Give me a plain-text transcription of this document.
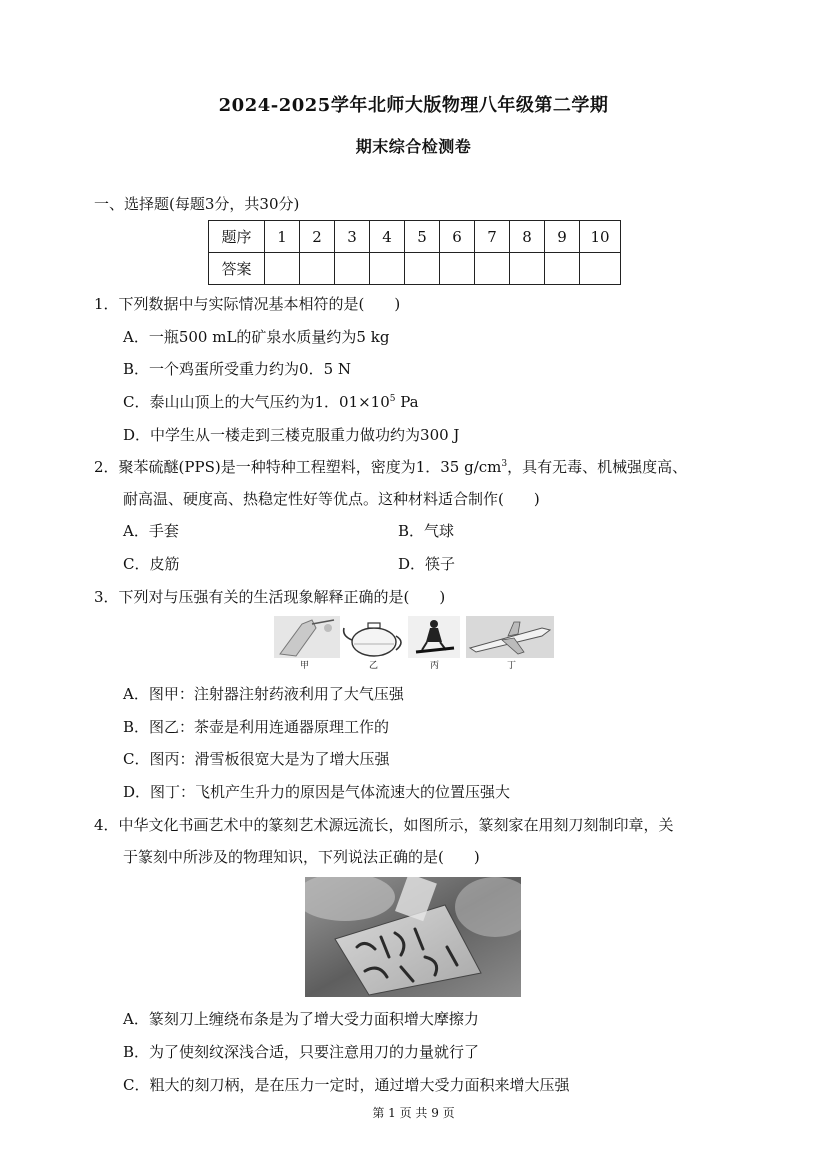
2024-2025学年北师大版物理八年级第二学期
期末综合检测卷
一、选择题(每题3分，共30分)
题序	1	2	3	4	5	6	7	8	9	10
答案										
1．下列数据中与实际情况基本相符的是(　　)
A．一瓶500 mL的矿泉水质量约为5 kg
B．一个鸡蛋所受重力约为0．5 N
C．泰山山顶上的大气压约为1．$01\times 10^5$ Pa
D．中学生从一楼走到三楼克服重力做功约为300 J
2．聚苯硫醚(PPS)是一种特种工程塑料，密度为1．35 $g/cm^3$，具有无毒、机械强度高、
耐高温、硬度高、热稳定性好等优点。这种材料适合制作(　　)
A．手套	B．气球
C．皮筋	D．筷子
3．下列对与压强有关的生活现象解释正确的是(　　)
甲	乙	丙	丁
A．图甲：注射器注射药液利用了大气压强
B．图乙：茶壶是利用连通器原理工作的
C．图丙：滑雪板很宽大是为了增大压强
D．图丁：飞机产生升力的原因是气体流速大的位置压强大
4．中华文化书画艺术中的篆刻艺术源远流长，如图所示，篆刻家在用刻刀刻制印章，关
于篆刻中所涉及的物理知识，下列说法正确的是(　　)
A．篆刻刀上缠绕布条是为了增大受力面积增大摩擦力
B．为了使刻纹深浅合适，只要注意用刀的力量就行了
C．粗大的刻刀柄，是在压力一定时，通过增大受力面积来增大压强
第 1 页 共 9 页
